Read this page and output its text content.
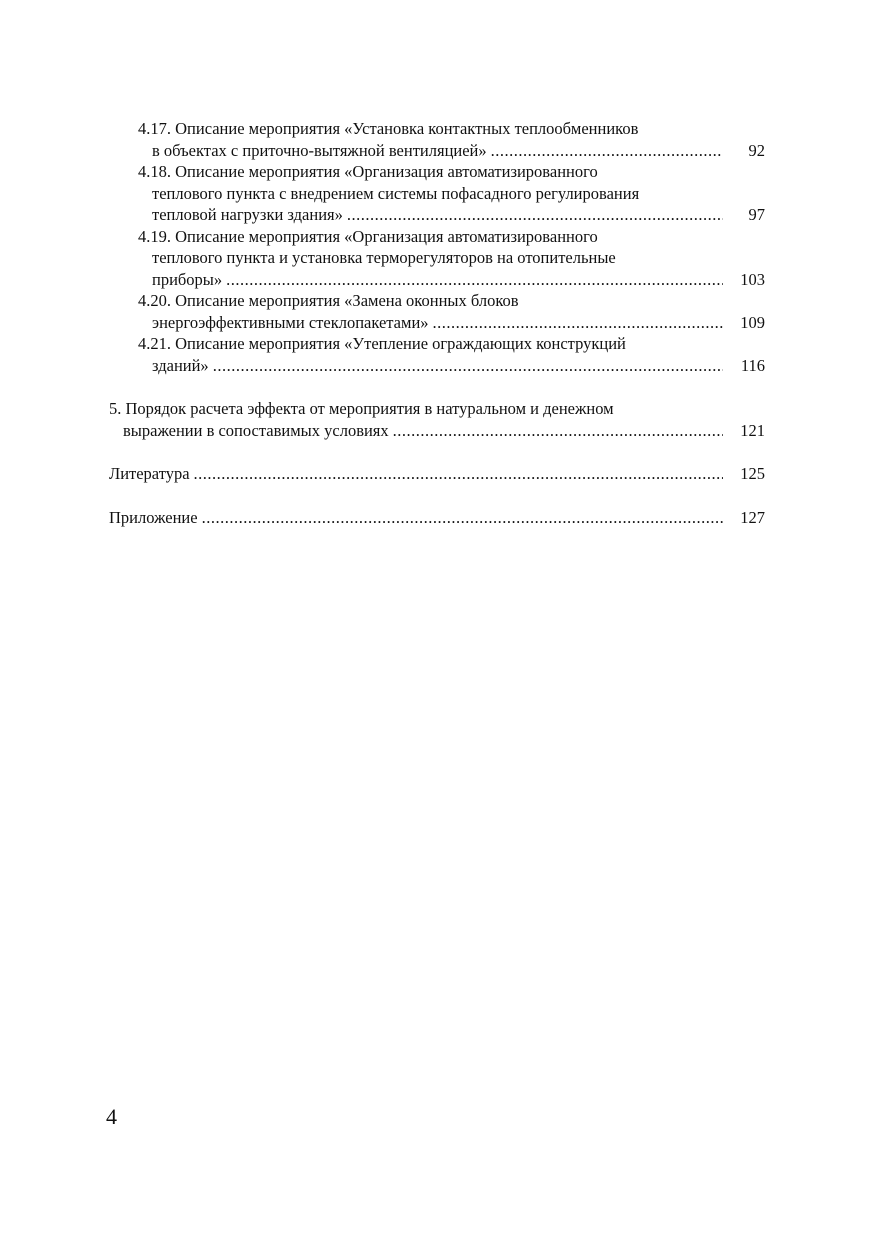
4.17. Описание мероприятия «Установка контактных теплообменников
в объектах с приточно-вытяжной вентиляцией» .....	92
4.18. Описание мероприятия «Организация автоматизированного
теплового пункта с внедрением системы пофасадного регулирования
тепловой нагрузки здания» .....	97
4.19. Описание мероприятия «Организация автоматизированного
теплового пункта и установка терморегуляторов на отопительные
приборы» .....	103
4.20. Описание мероприятия «Замена оконных блоков
энергоэффективными стеклопакетами» .....	109
4.21. Описание мероприятия «Утепление ограждающих конструкций
зданий» .....	116
5. Порядок расчета эффекта от мероприятия в натуральном и денежном
выражении в сопоставимых условиях .....	121
Литература .....	125
Приложение .....	127
4
